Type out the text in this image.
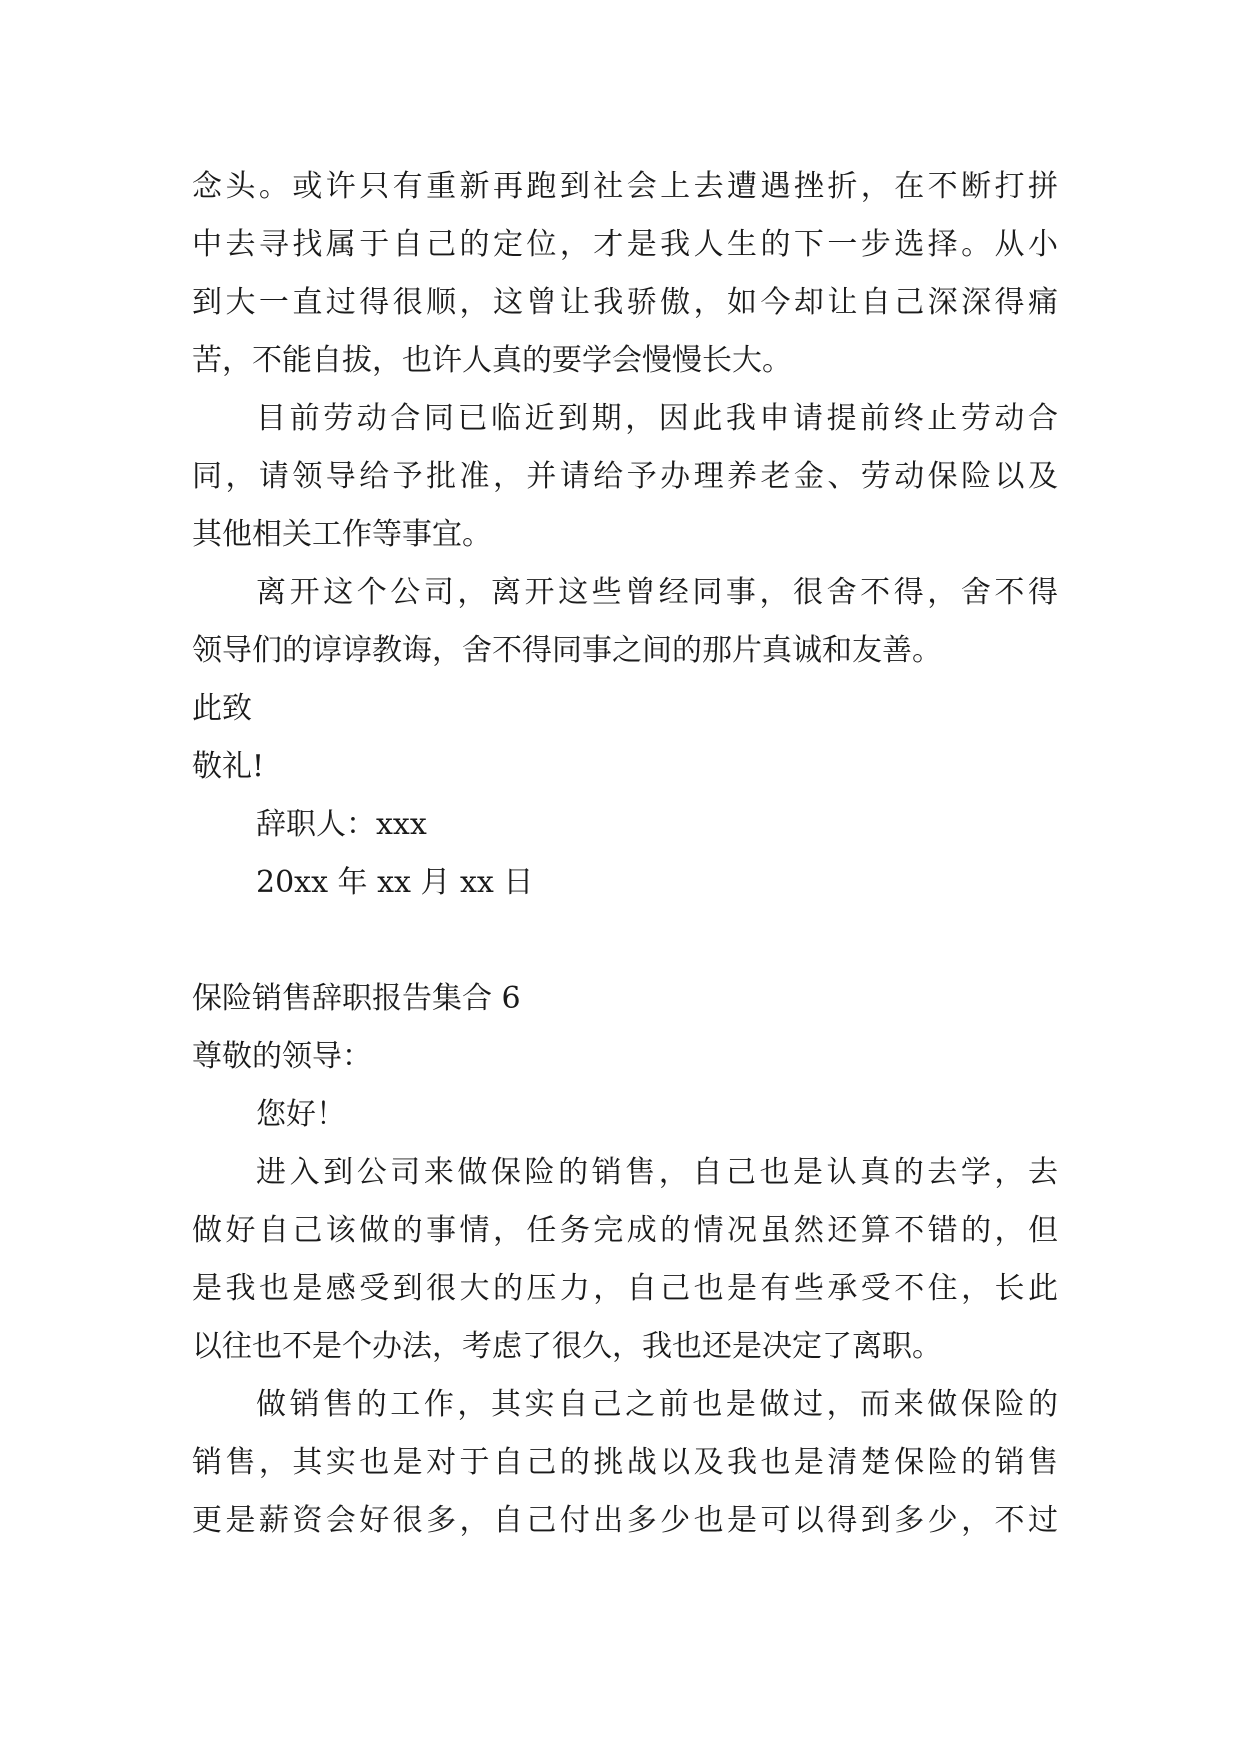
念头。或许只有重新再跑到社会上去遭遇挫折，在不断打拼
中去寻找属于自己的定位，才是我人生的下一步选择。从小
到大一直过得很顺，这曾让我骄傲，如今却让自己深深得痛
苦，不能自拔，也许人真的要学会慢慢长大。
目前劳动合同已临近到期，因此我申请提前终止劳动合
同，请领导给予批准，并请给予办理养老金、劳动保险以及
其他相关工作等事宜。
离开这个公司，离开这些曾经同事，很舍不得，舍不得
领导们的谆谆教诲，舍不得同事之间的那片真诚和友善。
此致
敬礼!
辞职人：xxx
20xx 年 xx 月 xx 日
保险销售辞职报告集合 6
尊敬的领导：
您好！
进入到公司来做保险的销售，自己也是认真的去学，去
做好自己该做的事情，任务完成的情况虽然还算不错的，但
是我也是感受到很大的压力，自己也是有些承受不住，长此
以往也不是个办法，考虑了很久，我也还是决定了离职。
做销售的工作，其实自己之前也是做过，而来做保险的
销售，其实也是对于自己的挑战以及我也是清楚保险的销售
更是薪资会好很多，自己付出多少也是可以得到多少，不过
